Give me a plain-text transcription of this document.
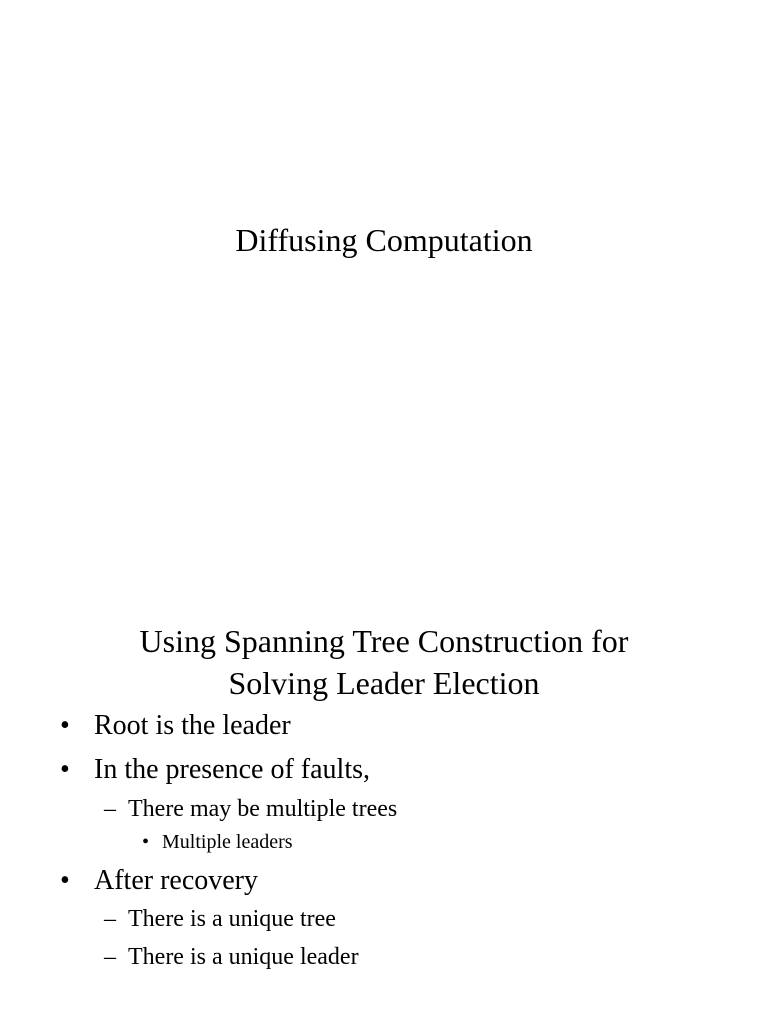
Diffusing Computation
Using Spanning Tree Construction for
Solving Leader Election
• Root is the leader
• In the presence of faults,
– There may be multiple trees
• Multiple leaders
• After recovery
– There is a unique tree
– There is a unique leader
